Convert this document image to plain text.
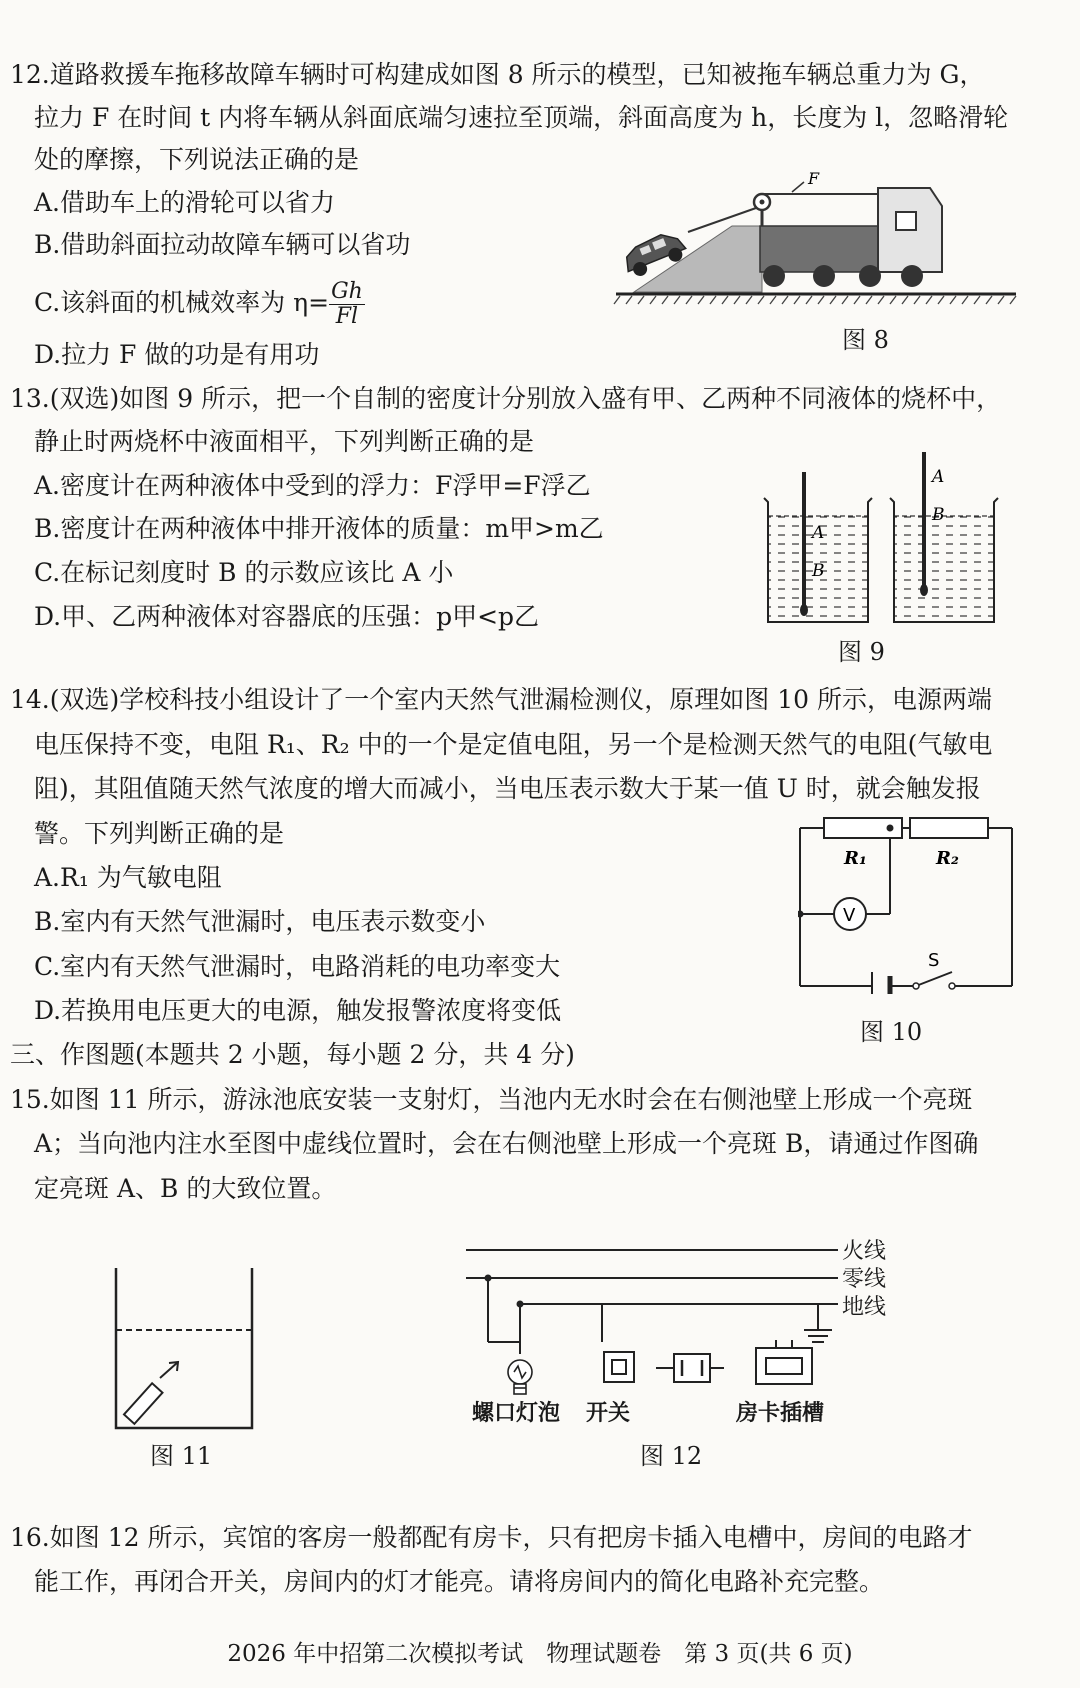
12.道路救援车拖移故障车辆时可构建成如图 8 所示的模型，已知被拖车辆总重力为 G，
拉力 F 在时间 t 内将车辆从斜面底端匀速拉至顶端，斜面高度为 h，长度为 l，忽略滑轮
处的摩擦，下列说法正确的是
A.借助车上的滑轮可以省力
B.借助斜面拉动故障车辆可以省功
C.该斜面的机械效率为 $\eta= \frac{Gh}{Fl}$
D.拉力 F 做的功是有用功
F
图 8
13.(双选)如图 9 所示，把一个自制的密度计分别放入盛有甲、乙两种不同液体的烧杯中，
静止时两烧杯中液面相平，下列判断正确的是
A.密度计在两种液体中受到的浮力：F浮甲=F浮乙
B.密度计在两种液体中排开液体的质量：m甲>m乙
C.在标记刻度时 B 的示数应该比 A 小
D.甲、乙两种液体对容器底的压强：p甲<p乙
A
B
A
B
图 9
14.(双选)学校科技小组设计了一个室内天然气泄漏检测仪，原理如图 10 所示，电源两端
电压保持不变，电阻 R₁、R₂ 中的一个是定值电阻，另一个是检测天然气的电阻(气敏电
阻)，其阻值随天然气浓度的增大而减小，当电压表示数大于某一值 U 时，就会触发报
警。下列判断正确的是
A.R₁ 为气敏电阻
B.室内有天然气泄漏时，电压表示数变小
C.室内有天然气泄漏时，电路消耗的电功率变大
D.若换用电压更大的电源，触发报警浓度将变低
V
R₁	R₂
S
图 10
三、作图题(本题共 2 小题，每小题 2 分，共 4 分)
15.如图 11 所示，游泳池底安装一支射灯，当池内无水时会在右侧池壁上形成一个亮斑
A；当向池内注水至图中虚线位置时，会在右侧池壁上形成一个亮斑 B，请通过作图确
定亮斑 A、B 的大致位置。
图 11
火线
零线
地线
螺口灯泡 开关	房卡插槽
图 12
16.如图 12 所示，宾馆的客房一般都配有房卡，只有把房卡插入电槽中，房间的电路才
能工作，再闭合开关，房间内的灯才能亮。请将房间内的简化电路补充完整。
2026 年中招第二次模拟考试　物理试题卷　第 3 页(共 6 页)
